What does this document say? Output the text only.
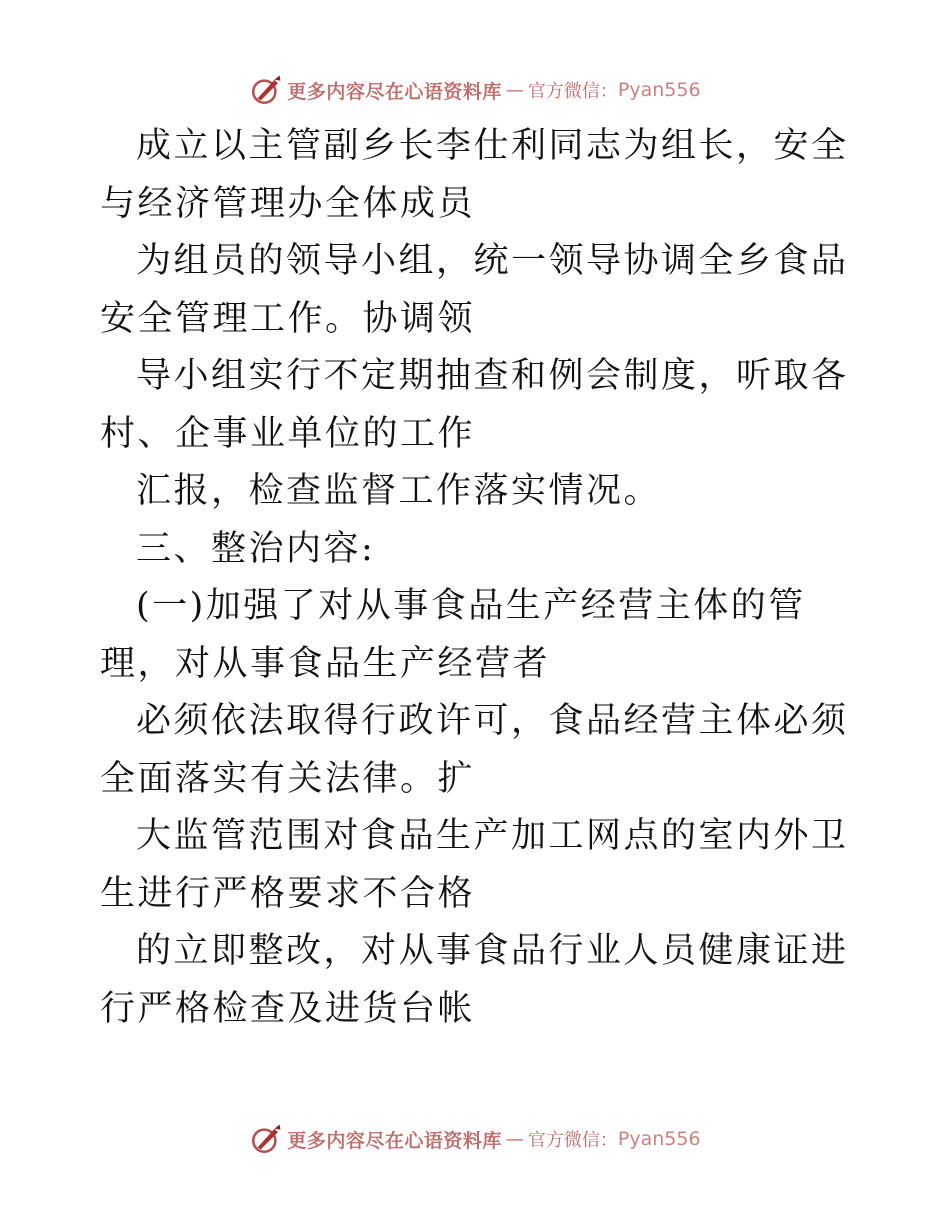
更多内容尽在心语资料库 — 官方微信： Pyan556

成立以主管副乡长李仕利同志为组长，安全与经济管理办全体成员

为组员的领导小组，统一领导协调全乡食品安全管理工作。协调领

导小组实行不定期抽查和例会制度，听取各村、企事业单位的工作

汇报，检查监督工作落实情况。

三、整治内容:

(一)加强了对从事食品生产经营主体的管理，对从事食品生产经营者

必须依法取得行政许可，食品经营主体必须全面落实有关法律。扩

大监管范围对食品生产加工网点的室内外卫生进行严格要求不合格

的立即整改，对从事食品行业人员健康证进行严格检查及进货台帐

更多内容尽在心语资料库 — 官方微信： Pyan556
